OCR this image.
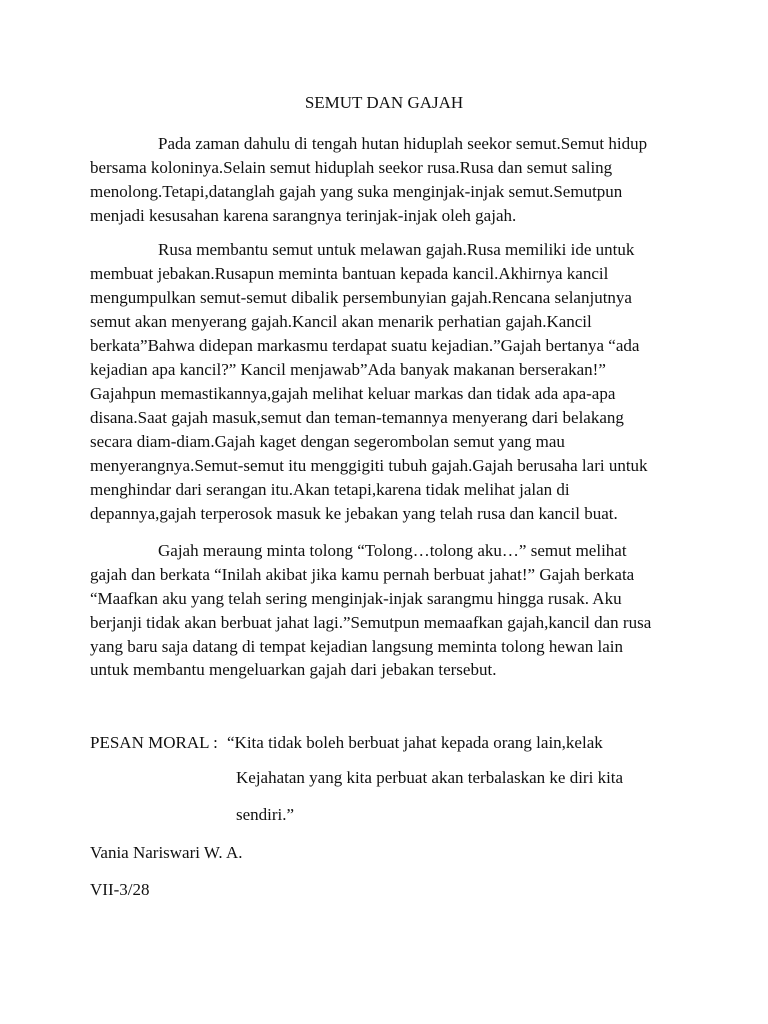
SEMUT DAN GAJAH
Pada zaman dahulu di tengah hutan hiduplah seekor semut.Semut hidup
bersama koloninya.Selain semut hiduplah seekor rusa.Rusa dan semut saling
menolong.Tetapi,datanglah gajah yang suka menginjak-injak semut.Semutpun
menjadi kesusahan karena sarangnya terinjak-injak oleh gajah.
Rusa membantu semut untuk melawan gajah.Rusa memiliki ide untuk
membuat jebakan.Rusapun meminta bantuan kepada kancil.Akhirnya kancil
mengumpulkan semut-semut dibalik persembunyian gajah.Rencana selanjutnya
semut akan menyerang gajah.Kancil akan menarik perhatian gajah.Kancil
berkata”Bahwa didepan markasmu terdapat suatu kejadian.”Gajah bertanya “ada
kejadian apa kancil?” Kancil menjawab”Ada banyak makanan berserakan!”
Gajahpun memastikannya,gajah melihat keluar markas dan tidak ada apa-apa
disana.Saat gajah masuk,semut dan teman-temannya menyerang dari belakang
secara diam-diam.Gajah kaget dengan segerombolan semut yang mau
menyerangnya.Semut-semut itu menggigiti tubuh gajah.Gajah berusaha lari untuk
menghindar dari serangan itu.Akan tetapi,karena tidak melihat jalan di
depannya,gajah terperosok masuk ke jebakan yang telah rusa dan kancil buat.
Gajah meraung minta tolong “Tolong…tolong aku…” semut melihat
gajah dan berkata “Inilah akibat jika kamu pernah berbuat jahat!” Gajah berkata
“Maafkan aku yang telah sering menginjak-injak sarangmu hingga rusak. Aku
berjanji tidak akan berbuat jahat lagi.”Semutpun memaafkan gajah,kancil dan rusa
yang baru saja datang di tempat kejadian langsung meminta tolong hewan lain
untuk membantu mengeluarkan gajah dari jebakan tersebut.
PESAN MORAL : “Kita tidak boleh berbuat jahat kepada orang lain,kelak
Kejahatan yang kita perbuat akan terbalaskan ke diri kita
sendiri.”
Vania Nariswari W. A.
VII-3/28
